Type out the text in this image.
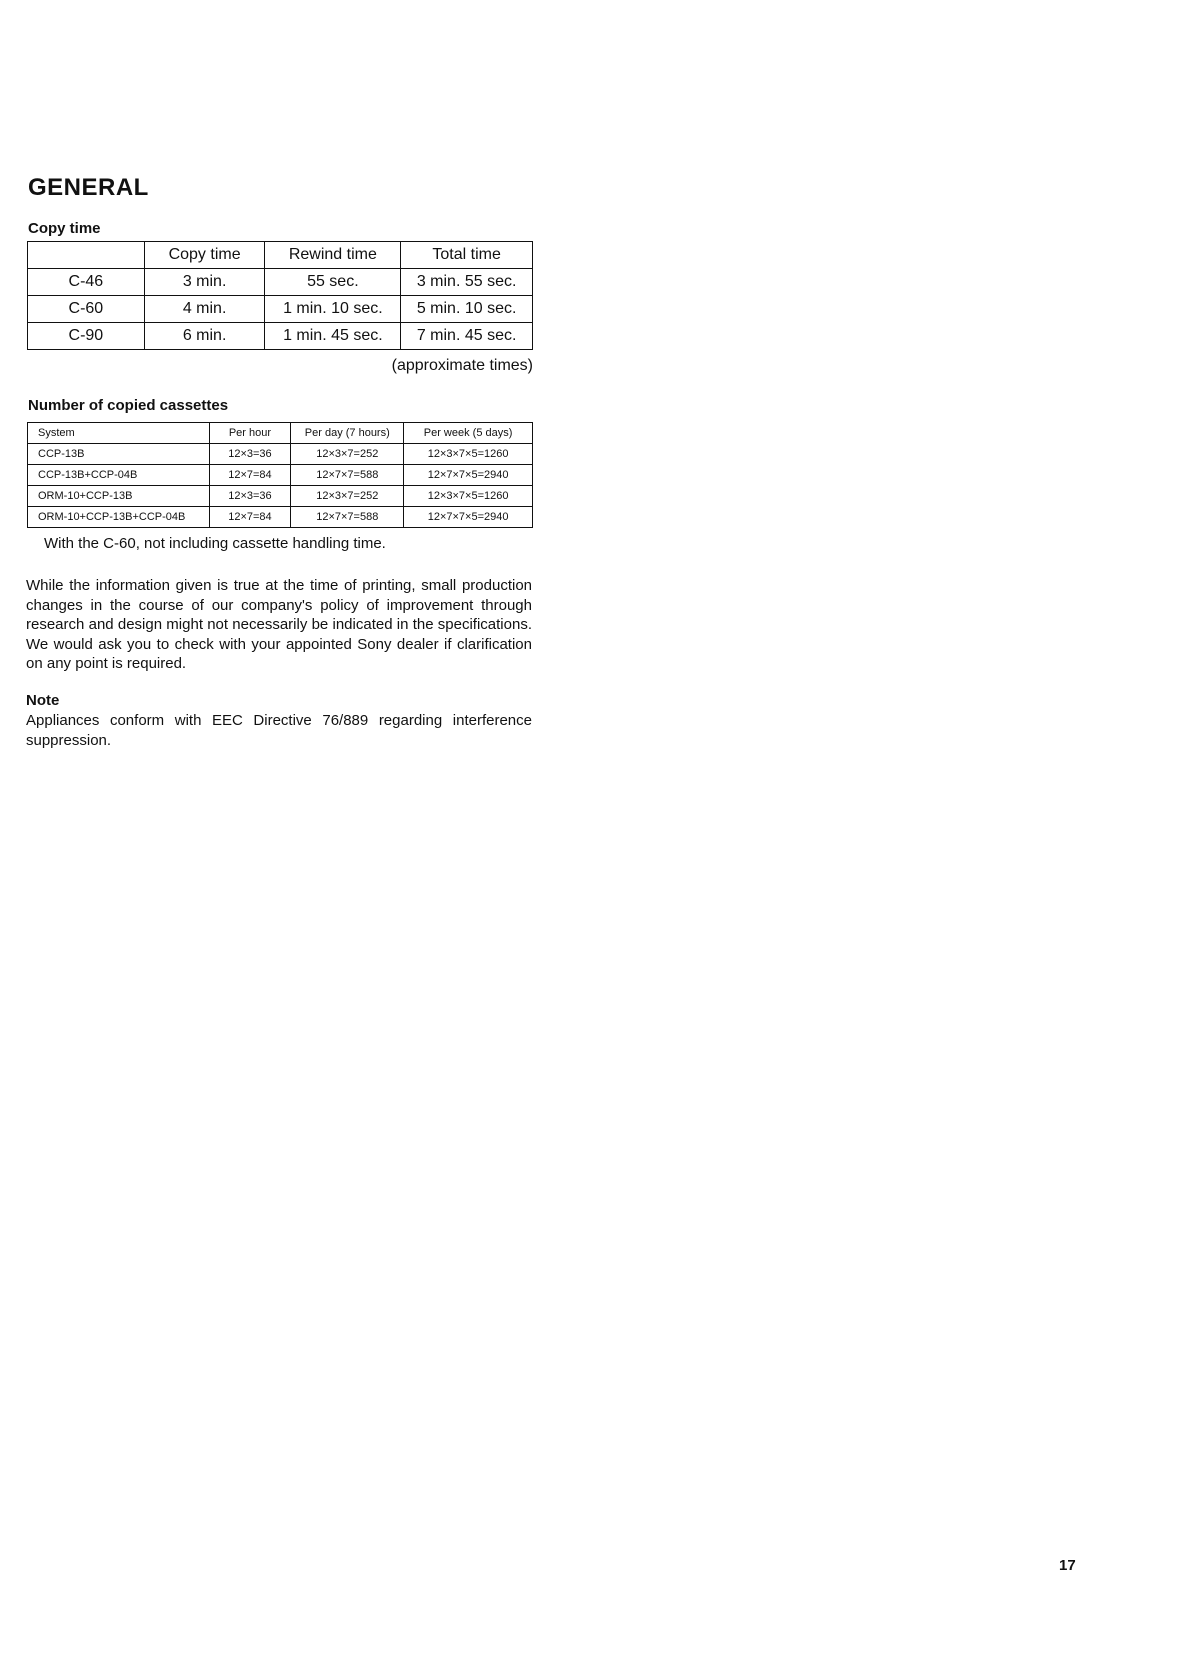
GENERAL
Copy time
	Copy time	Rewind time	Total time
C-46	3 min.	55 sec.	3 min. 55 sec.
C-60	4 min.	1 min. 10 sec.	5 min. 10 sec.
C-90	6 min.	1 min. 45 sec.	7 min. 45 sec.
(approximate times)
Number of copied cassettes
System	Per hour	Per day (7 hours)	Per week (5 days)
CCP-13B	12×3=36	12×3×7=252	12×3×7×5=1260
CCP-13B+CCP-04B	12×7=84	12×7×7=588	12×7×7×5=2940
ORM-10+CCP-13B	12×3=36	12×3×7=252	12×3×7×5=1260
ORM-10+CCP-13B+CCP-04B	12×7=84	12×7×7=588	12×7×7×5=2940
With the C-60, not including cassette handling time.
While the information given is true at the time of printing, small production changes in the course of our company's policy of improvement through research and design might not necessarily be indicated in the specifications. We would ask you to check with your appointed Sony dealer if clarification on any point is required.
Note
Appliances conform with EEC Directive 76/889 regarding interference suppression.
17
